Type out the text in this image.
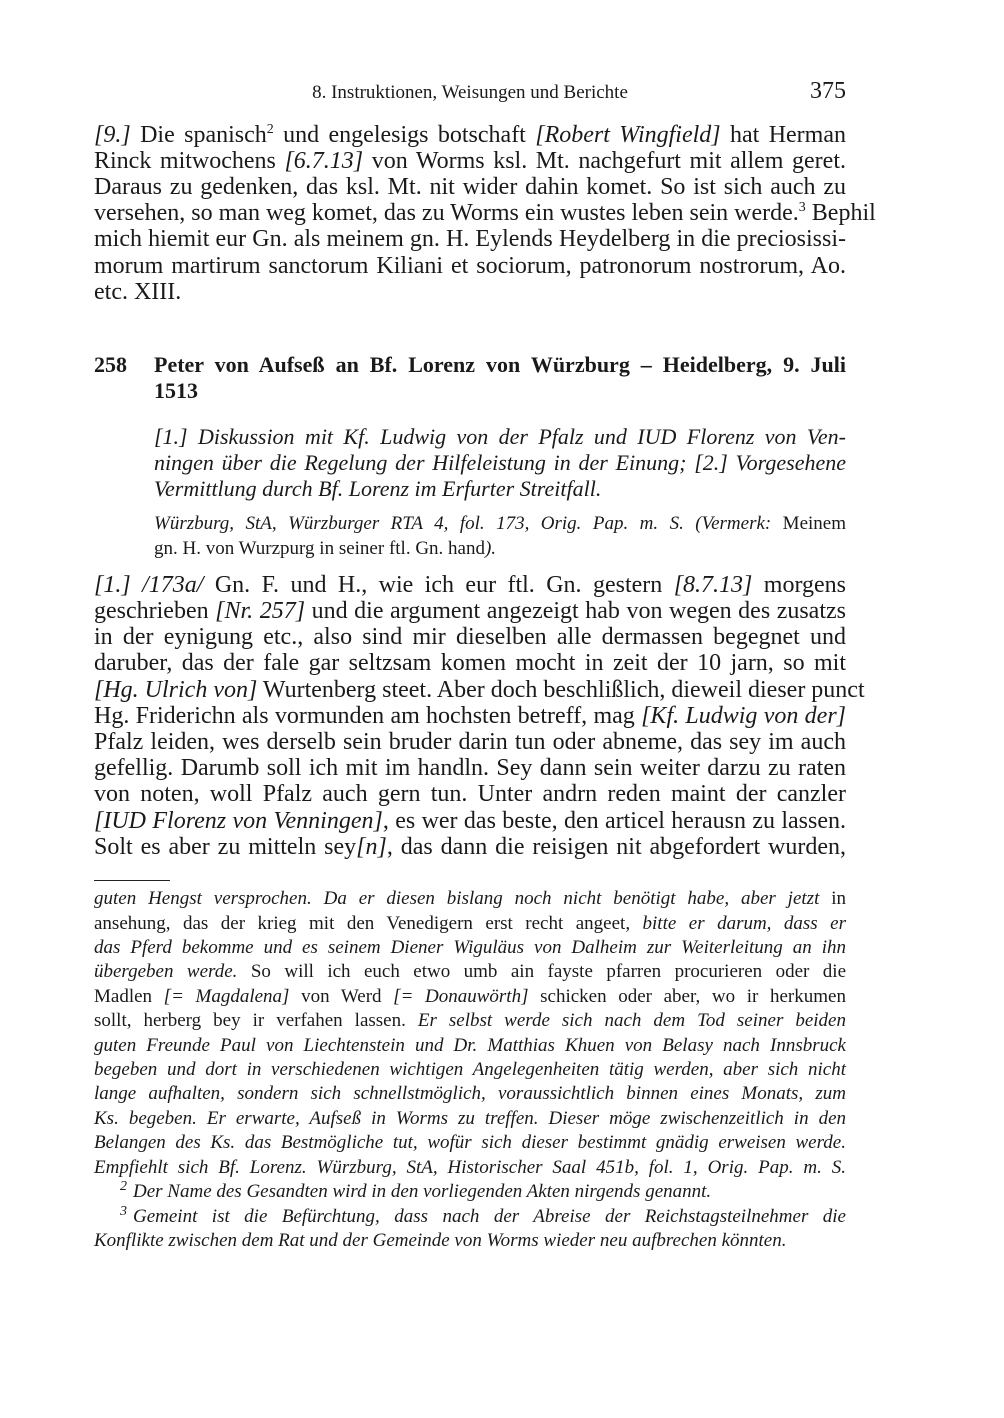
8. Instruktionen, Weisungen und Berichte	375
[9.] Die spanisch$^2$ und engelesigs botschaft [Robert Wingfield] hat Herman
Rinck mitwochens [6.7.13] von Worms ksl. Mt. nachgefurt mit allem geret.
Daraus zu gedenken, das ksl. Mt. nit wider dahin komet. So ist sich auch zu
versehen, so man weg komet, das zu Worms ein wustes leben sein werde.$^3$ Bephil
mich hiemit eur Gn. als meinem gn. H. Eylends Heydelberg in die preciosissi-
morum martirum sanctorum Kiliani et sociorum, patronorum nostrorum, Ao.
etc. XIII.
258 Peter von Aufseß an Bf. Lorenz von Würzburg – Heidelberg, 9. Juli
1513
[1.] Diskussion mit Kf. Ludwig von der Pfalz und IUD Florenz von Ven-
ningen über die Regelung der Hilfeleistung in der Einung; [2.] Vorgesehene
Vermittlung durch Bf. Lorenz im Erfurter Streitfall.
Würzburg, StA, Würzburger RTA 4, fol. 173, Orig. Pap. m. S. (Vermerk: Meinem
gn. H. von Wurzpurg in seiner ftl. Gn. hand).
[1.] /173a/ Gn. F. und H., wie ich eur ftl. Gn. gestern [8.7.13] morgens
geschrieben [Nr. 257] und die argument angezeigt hab von wegen des zusatzs
in der eynigung etc., also sind mir dieselben alle dermassen begegnet und
daruber, das der fale gar seltzsam komen mocht in zeit der 10 jarn, so mit
[Hg. Ulrich von] Wurtenberg steet. Aber doch beschlißlich, dieweil dieser punct
Hg. Friderichn als vormunden am hochsten betreff, mag [Kf. Ludwig von der]
Pfalz leiden, wes derselb sein bruder darin tun oder abneme, das sey im auch
gefellig. Darumb soll ich mit im handln. Sey dann sein weiter darzu zu raten
von noten, woll Pfalz auch gern tun. Unter andrn reden maint der canzler
[IUD Florenz von Venningen], es wer das beste, den articel herausn zu lassen.
Solt es aber zu mitteln sey[n], das dann die reisigen nit abgefordert wurden,
guten Hengst versprochen. Da er diesen bislang noch nicht benötigt habe, aber jetzt in
ansehung, das der krieg mit den Venedigern erst recht angeet, bitte er darum, dass er
das Pferd bekomme und es seinem Diener Wiguläus von Dalheim zur Weiterleitung an ihn
übergeben werde. So will ich euch etwo umb ain fayste pfarren procurieren oder die
Madlen [= Magdalena] von Werd [= Donauwörth] schicken oder aber, wo ir herkumen
sollt, herberg bey ir verfahen lassen. Er selbst werde sich nach dem Tod seiner beiden
guten Freunde Paul von Liechtenstein und Dr. Matthias Khuen von Belasy nach Innsbruck
begeben und dort in verschiedenen wichtigen Angelegenheiten tätig werden, aber sich nicht
lange aufhalten, sondern sich schnellstmöglich, voraussichtlich binnen eines Monats, zum
Ks. begeben. Er erwarte, Aufseß in Worms zu treffen. Dieser möge zwischenzeitlich in den
Belangen des Ks. das Bestmögliche tut, wofür sich dieser bestimmt gnädig erweisen werde.
Empfiehlt sich Bf. Lorenz. Würzburg, StA, Historischer Saal 451b, fol. 1, Orig. Pap. m. S.
$^2$ Der Name des Gesandten wird in den vorliegenden Akten nirgends genannt.
$^3$ Gemeint ist die Befürchtung, dass nach der Abreise der Reichstagsteilnehmer die
Konflikte zwischen dem Rat und der Gemeinde von Worms wieder neu aufbrechen könnten.
